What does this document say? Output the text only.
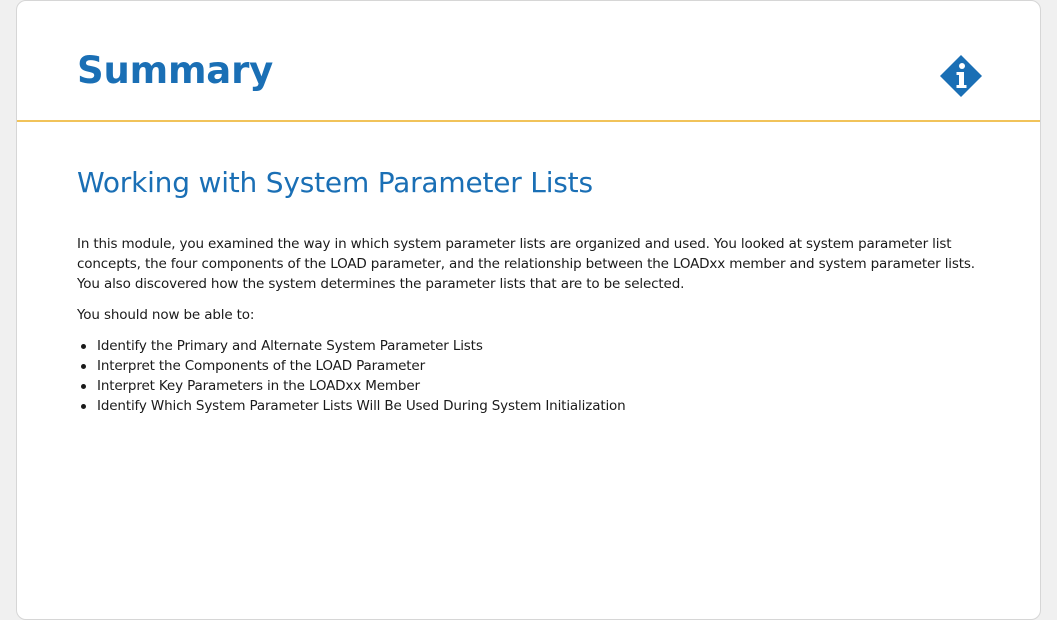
Summary
Working with System Parameter Lists

In this module, you examined the way in which system parameter lists are organized and used. You looked at system parameter list concepts, the four components of the LOAD parameter, and the relationship between the LOADxx member and system parameter lists. You also discovered how the system determines the parameter lists that are to be selected.

You should now be able to:

Identify the Primary and Alternate System Parameter Lists
Interpret the Components of the LOAD Parameter
Interpret Key Parameters in the LOADxx Member
Identify Which System Parameter Lists Will Be Used During System Initialization
